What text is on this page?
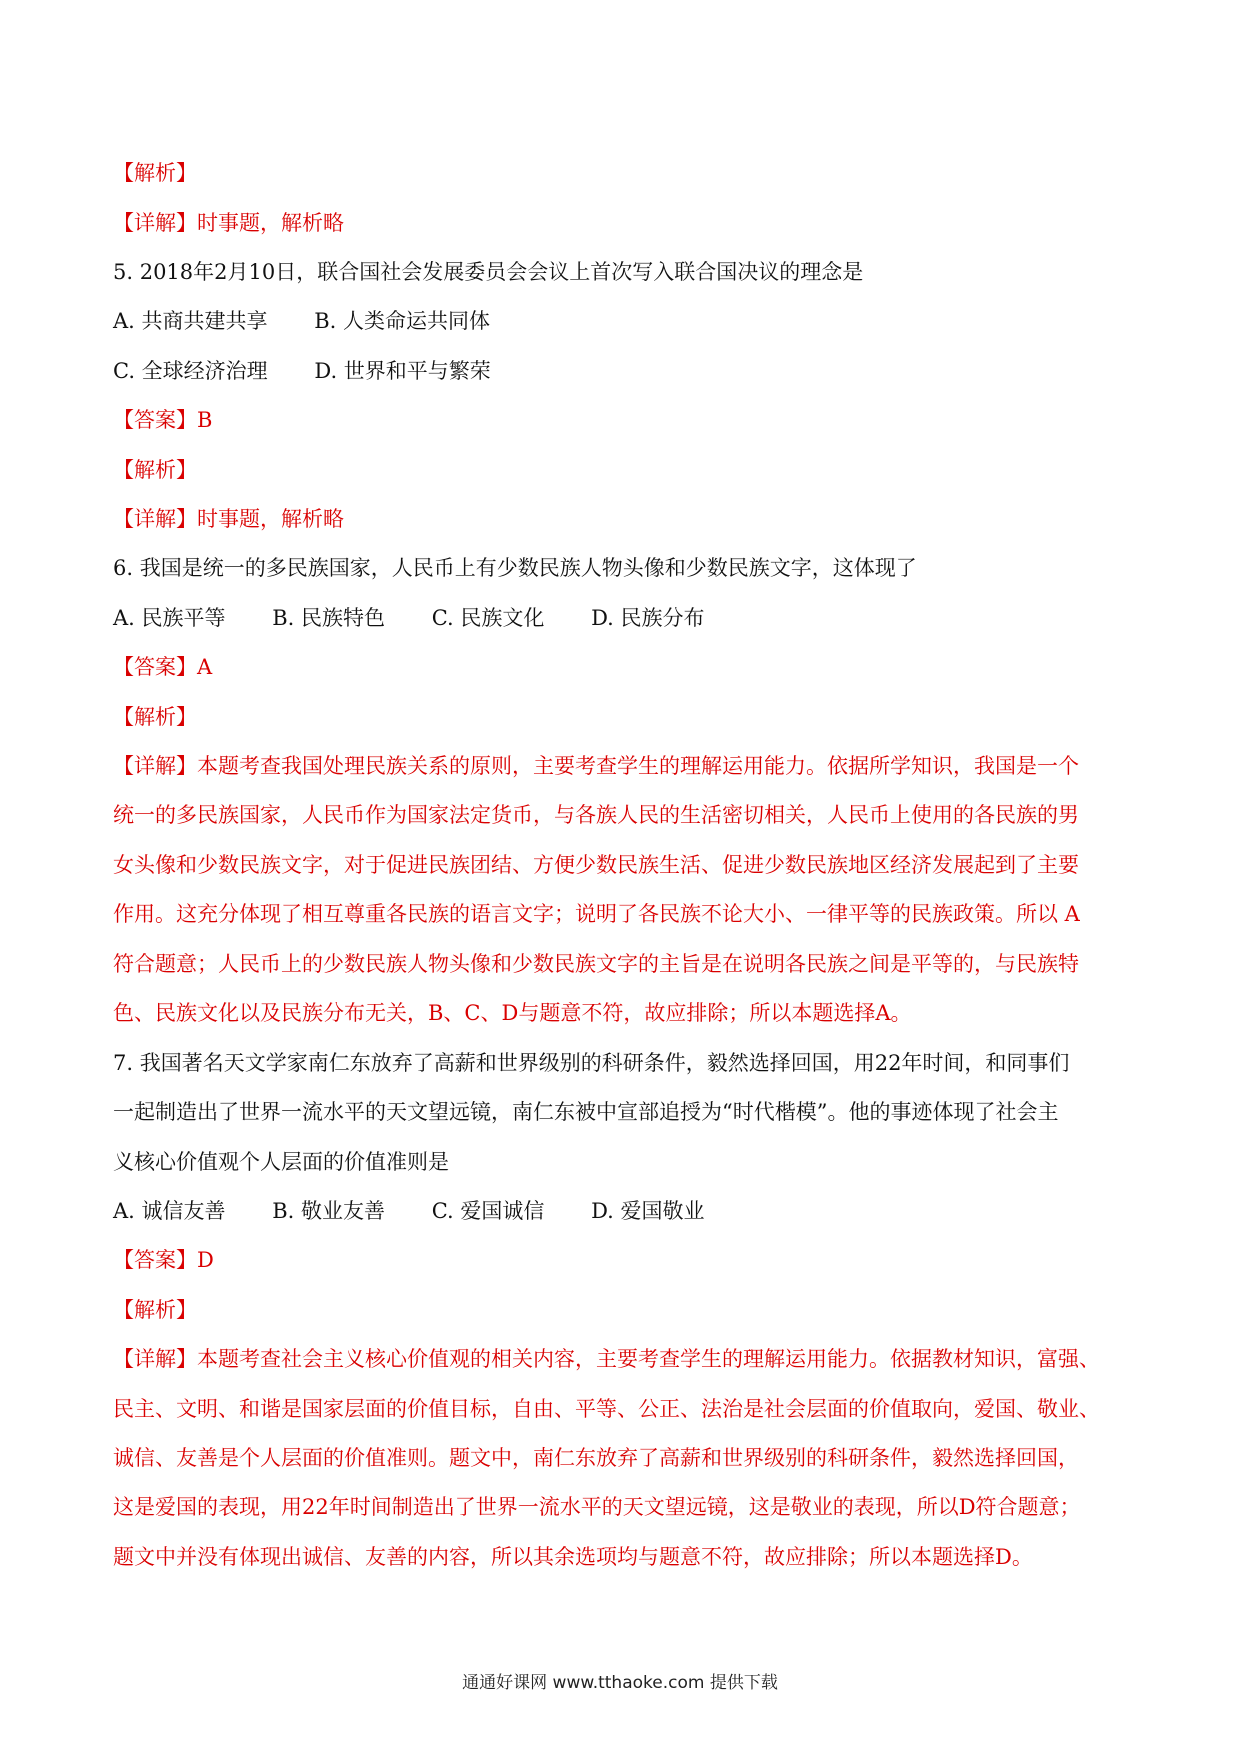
【解析】
【详解】时事题，解析略
5. 2018年2月10日，联合国社会发展委员会会议上首次写入联合国决议的理念是
A. 共商共建共享 B. 人类命运共同体
C. 全球经济治理 D. 世界和平与繁荣
【答案】B
【解析】
【详解】时事题，解析略
6. 我国是统一的多民族国家，人民币上有少数民族人物头像和少数民族文字，这体现了
A. 民族平等 B. 民族特色 C. 民族文化 D. 民族分布
【答案】A
【解析】
【详解】本题考查我国处理民族关系的原则，主要考查学生的理解运用能力。依据所学知识，我国是一个
统一的多民族国家，人民币作为国家法定货币，与各族人民的生活密切相关，人民币上使用的各民族的男
女头像和少数民族文字，对于促进民族团结、方便少数民族生活、促进少数民族地区经济发展起到了主要
作用。这充分体现了相互尊重各民族的语言文字；说明了各民族不论大小、一律平等的民族政策。所以 A
符合题意；人民币上的少数民族人物头像和少数民族文字的主旨是在说明各民族之间是平等的，与民族特
色、民族文化以及民族分布无关，B、C、D与题意不符，故应排除；所以本题选择A。
7. 我国著名天文学家南仁东放弃了高薪和世界级别的科研条件，毅然选择回国，用22年时间，和同事们
一起制造出了世界一流水平的天文望远镜，南仁东被中宣部追授为“时代楷模”。他的事迹体现了社会主
义核心价值观个人层面的价值准则是
A. 诚信友善 B. 敬业友善 C. 爱国诚信 D. 爱国敬业
【答案】D
【解析】
【详解】本题考查社会主义核心价值观的相关内容，主要考查学生的理解运用能力。依据教材知识，富强、
民主、文明、和谐是国家层面的价值目标，自由、平等、公正、法治是社会层面的价值取向，爱国、敬业、
诚信、友善是个人层面的价值准则。题文中，南仁东放弃了高薪和世界级别的科研条件，毅然选择回国，
这是爱国的表现，用22年时间制造出了世界一流水平的天文望远镜，这是敬业的表现，所以D符合题意；
题文中并没有体现出诚信、友善的内容，所以其余选项均与题意不符，故应排除；所以本题选择D。
通通好课网 www.tthaoke.com 提供下载
